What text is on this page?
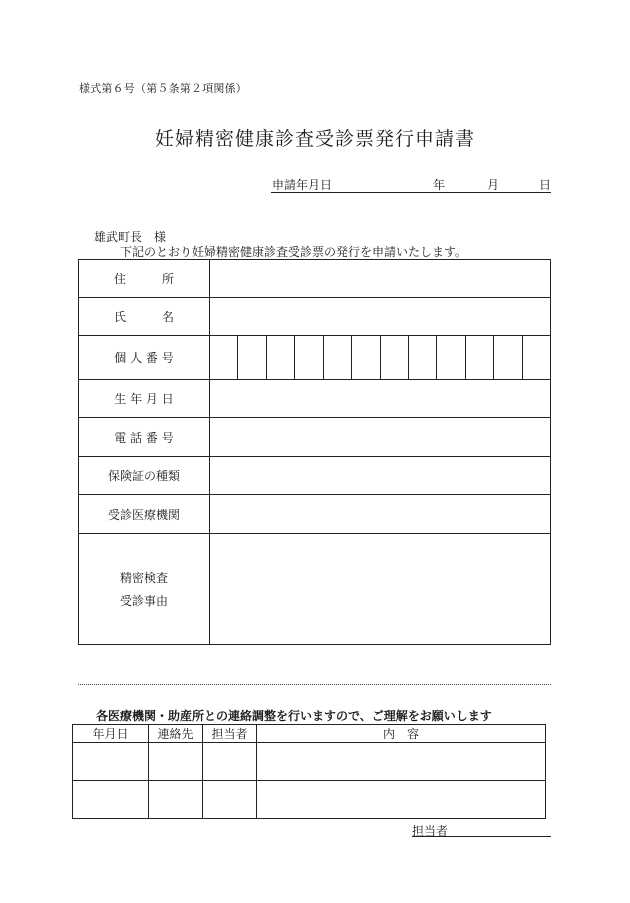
様式第６号（第５条第２項関係）
妊婦精密健康診査受診票発行申請書
申請年月日	年	月	日
雄武町長　様
下記のとおり妊婦精密健康診査受診票の発行を申請いたします。
住　　　所	
氏　　　名	
個 人 番 号	

生 年 月 日	
電 話 番 号	
保険証の種類	
受診医療機関	

精密検査
受診事由	

各医療機関・助産所との連絡調整を行いますので、ご理解をお願いします
年月日	連絡先	担当者	内　容

担当者
